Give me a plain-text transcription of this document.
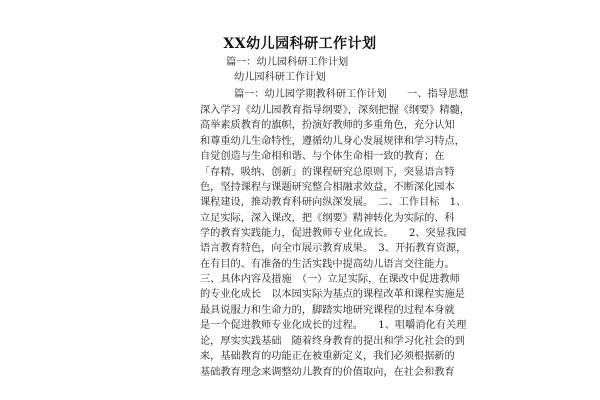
XX幼儿园科研工作计划
篇一：幼儿园科研工作计划
幼儿园科研工作计划
篇一：幼儿园学期教科研工作计划　　一、指导思想
深入学习《幼儿园教育指导纲要》，深刻把握《纲要》精髓，
高举素质教育的旗帜，扮演好教师的多重角色，充分认知
和尊重幼儿生命特性，遵循幼儿身心发展规律和学习特点，
自觉创造与生命相和谐、与个体生命相一致的教育；在
「存精、吸纳、创新」的课程研究总原则下，突显语言特
色，坚持课程与课题研究整合相融求效益，不断深化园本
课程建设，推动教育科研向纵深发展。　二、工作目标　1、
立足实际，深入课改，把《纲要》精神转化为实际的、科
学的教育实践能力，促进教师专业化成长。　　2、突显我园
语言教育特色，向全市展示教育成果。　3、开拓教育资源，
在有目的、有准备的生活实践中提高幼儿语言交往能力。
三、具体内容及措施　（一）立足实际，在课改中促进教师
的专业化成长　以本园实际为基点的课程改革和课程实施是
最具说服力和生命力的，脚踏实地研究课程的过程本身就
是一个促进教师专业化成长的过程。　　1、咀嚼消化有关理
论，厚实实践基础　随着终身教育的提出和学习化社会的到
来，基础教育的功能正在被重新定义，我们必须根据新的
基础教育理念来调整幼儿教育的价值取向，在社会和教育
